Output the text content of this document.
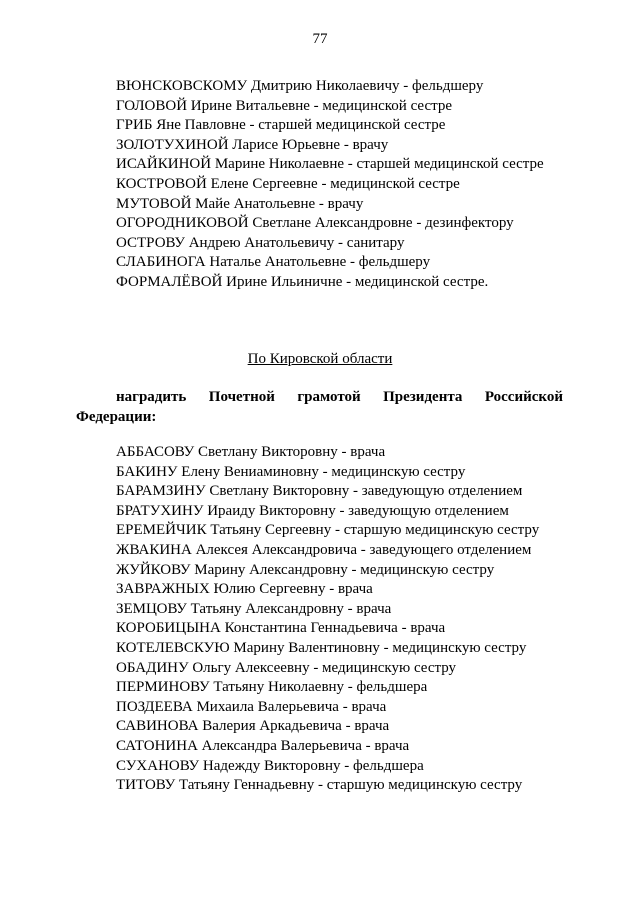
77
ВЮНСКОВСКОМУ Дмитрию Николаевичу - фельдшеру
ГОЛОВОЙ Ирине Витальевне - медицинской сестре
ГРИБ Яне Павловне - старшей медицинской сестре
ЗОЛОТУХИНОЙ Ларисе Юрьевне - врачу
ИСАЙКИНОЙ Марине Николаевне - старшей медицинской сестре
КОСТРОВОЙ Елене Сергеевне - медицинской сестре
МУТОВОЙ Майе Анатольевне - врачу
ОГОРОДНИКОВОЙ Светлане Александровне - дезинфектору
ОСТРОВУ Андрею Анатольевичу - санитару
СЛАБИНОГА Наталье Анатольевне - фельдшеру
ФОРМАЛЁВОЙ Ирине Ильиничне - медицинской сестре.
По Кировской области
наградить Почетной грамотой Президента Российской Федерации:
АББАСОВУ Светлану Викторовну - врача
БАКИНУ Елену Вениаминовну - медицинскую сестру
БАРАМЗИНУ Светлану Викторовну - заведующую отделением
БРАТУХИНУ Ираиду Викторовну - заведующую отделением
ЕРЕМЕЙЧИК Татьяну Сергеевну - старшую медицинскую сестру
ЖВАКИНА Алексея Александровича - заведующего отделением
ЖУЙКОВУ Марину Александровну - медицинскую сестру
ЗАВРАЖНЫХ Юлию Сергеевну - врача
ЗЕМЦОВУ Татьяну Александровну - врача
КОРОБИЦЫНА Константина Геннадьевича - врача
КОТЕЛЕВСКУЮ Марину Валентиновну - медицинскую сестру
ОБАДИНУ Ольгу Алексеевну - медицинскую сестру
ПЕРМИНОВУ Татьяну Николаевну - фельдшера
ПОЗДЕЕВА Михаила Валерьевича - врача
САВИНОВА Валерия Аркадьевича - врача
САТОНИНА Александра Валерьевича - врача
СУХАНОВУ Надежду Викторовну - фельдшера
ТИТОВУ Татьяну Геннадьевну - старшую медицинскую сестру
